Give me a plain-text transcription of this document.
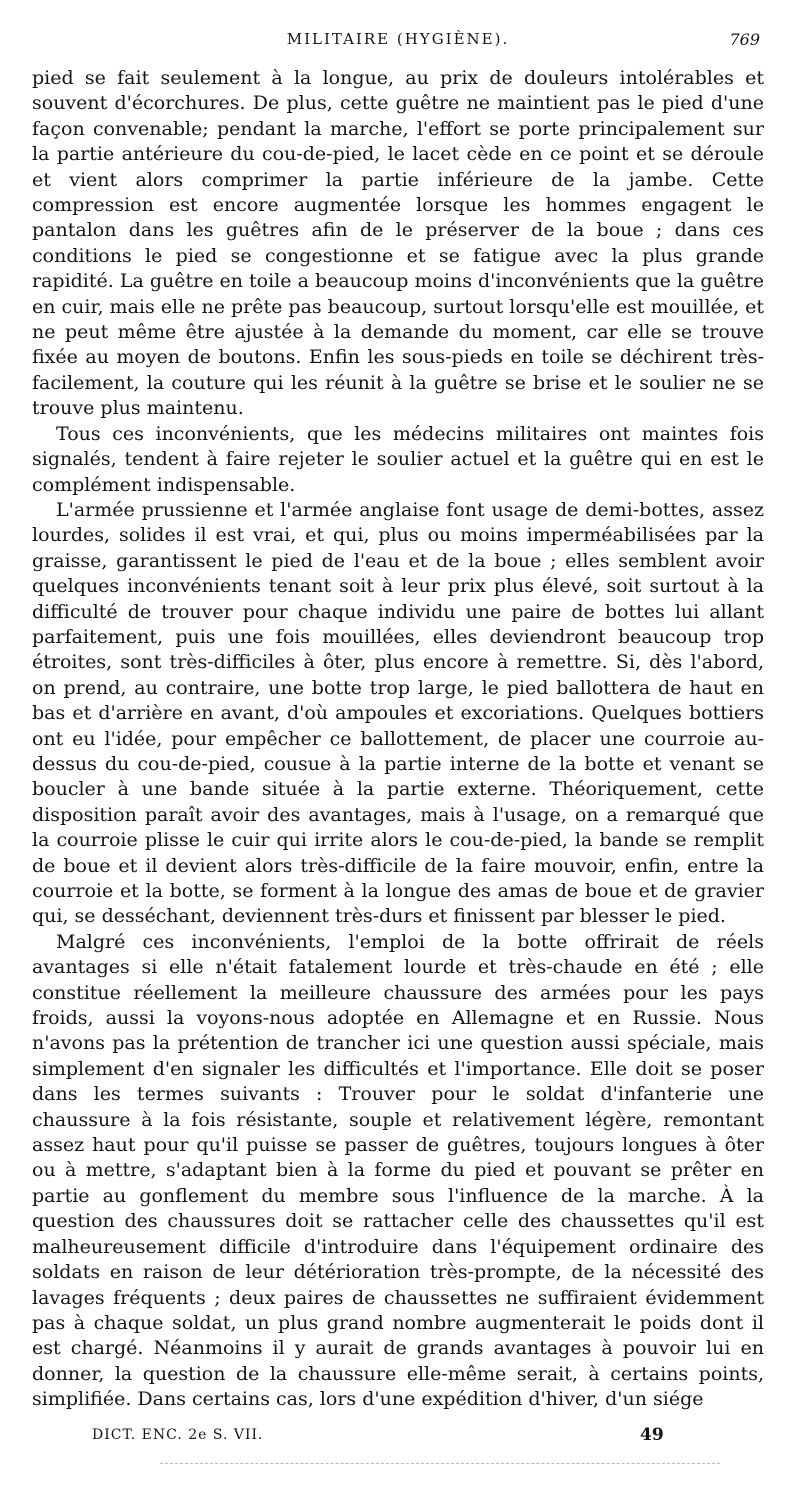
MILITAIRE (HYGIÈNE).	769

pied se fait seulement à la longue, au prix de douleurs intolérables et souvent d'écorchures. De plus, cette guêtre ne maintient pas le pied d'une façon convenable; pendant la marche, l'effort se porte principalement sur la partie antérieure du cou-de-pied, le lacet cède en ce point et se déroule et vient alors comprimer la partie inférieure de la jambe. Cette compression est encore augmentée lorsque les hommes engagent le pantalon dans les guêtres afin de le préserver de la boue ; dans ces conditions le pied se congestionne et se fatigue avec la plus grande rapidité. La guêtre en toile a beaucoup moins d'inconvénients que la guêtre en cuir, mais elle ne prête pas beaucoup, surtout lorsqu'elle est mouillée, et ne peut même être ajustée à la demande du moment, car elle se trouve fixée au moyen de boutons. Enfin les sous-pieds en toile se déchirent très-facilement, la couture qui les réunit à la guêtre se brise et le soulier ne se trouve plus maintenu.

Tous ces inconvénients, que les médecins militaires ont maintes fois signalés, tendent à faire rejeter le soulier actuel et la guêtre qui en est le complément indispensable.

L'armée prussienne et l'armée anglaise font usage de demi-bottes, assez lourdes, solides il est vrai, et qui, plus ou moins imperméabilisées par la graisse, garantissent le pied de l'eau et de la boue ; elles semblent avoir quelques inconvénients tenant soit à leur prix plus élevé, soit surtout à la difficulté de trouver pour chaque individu une paire de bottes lui allant parfaitement, puis une fois mouillées, elles deviendront beaucoup trop étroites, sont très-difficiles à ôter, plus encore à remettre. Si, dès l'abord, on prend, au contraire, une botte trop large, le pied ballottera de haut en bas et d'arrière en avant, d'où ampoules et excoriations. Quelques bottiers ont eu l'idée, pour empêcher ce ballottement, de placer une courroie au-dessus du cou-de-pied, cousue à la partie interne de la botte et venant se boucler à une bande située à la partie externe. Théoriquement, cette disposition paraît avoir des avantages, mais à l'usage, on a remarqué que la courroie plisse le cuir qui irrite alors le cou-de-pied, la bande se remplit de boue et il devient alors très-difficile de la faire mouvoir, enfin, entre la courroie et la botte, se forment à la longue des amas de boue et de gravier qui, se desséchant, deviennent très-durs et finissent par blesser le pied.

Malgré ces inconvénients, l'emploi de la botte offrirait de réels avantages si elle n'était fatalement lourde et très-chaude en été ; elle constitue réellement la meilleure chaussure des armées pour les pays froids, aussi la voyons-nous adoptée en Allemagne et en Russie. Nous n'avons pas la prétention de trancher ici une question aussi spéciale, mais simplement d'en signaler les difficultés et l'importance. Elle doit se poser dans les termes suivants : Trouver pour le soldat d'infanterie une chaussure à la fois résistante, souple et relativement légère, remontant assez haut pour qu'il puisse se passer de guêtres, toujours longues à ôter ou à mettre, s'adaptant bien à la forme du pied et pouvant se prêter en partie au gonflement du membre sous l'influence de la marche. À la question des chaussures doit se rattacher celle des chaussettes qu'il est malheureusement difficile d'introduire dans l'équipement ordinaire des soldats en raison de leur détérioration très-prompte, de la nécessité des lavages fréquents ; deux paires de chaussettes ne suffiraient évidemment pas à chaque soldat, un plus grand nombre augmenterait le poids dont il est chargé. Néanmoins il y aurait de grands avantages à pouvoir lui en donner, la question de la chaussure elle-même serait, à certains points, simplifiée. Dans certains cas, lors d'une expédition d'hiver, d'un siége

DICT. ENC. 2e S. VII.	49
